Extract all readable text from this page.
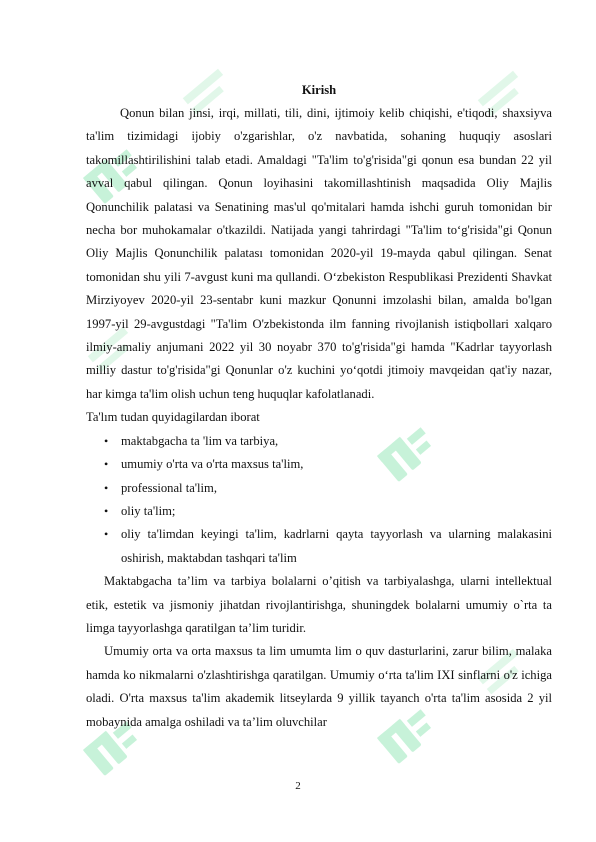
Kirish

Qonun bilan jinsi, irqi, millati, tili, dini, ijtimoiy kelib chiqishi, e'tiqodi, shaxsiyva ta'lim tizimidagi ijobiy o'zgarishlar, o'z navbatida, sohaning huquqiy asoslari takomillashtirilishini talab etadi. Amaldagi "Ta'lim to'g'risida"gi qonun esa bundan 22 yil avval qabul qilingan. Qonun loyihasini takomillashtinish maqsadida Oliy Majlis Qonunchilik palatasi va Senatining mas'ul qo'mitalari hamda ishchi guruh tomonidan bir necha bor muhokamalar o'tkazildi. Natijada yangi tahrirdagi "Ta'lim to‘g'risida"gi Qonun Oliy Majlis Qonunchilik palatası tomonidan 2020-yil 19-mayda qabul qilingan. Senat tomonidan shu yili 7-avgust kuni ma qullandi. O‘zbekiston Respublikasi Prezidenti Shavkat Mirziyoyev 2020-yil 23-sentabr kuni mazkur Qonunni imzolashi bilan, amalda bo'lgan 1997-yil 29-avgustdagi "Ta'lim O'zbekistonda ilm fanning rivojlanish istiqbollari xalqaro ilmiy-amaliy anjumani 2022 yil 30 noyabr 370 to'g'risida"gi hamda "Kadrlar tayyorlash milliy dastur to'g'risida"gi Qonunlar o'z kuchini yo‘qotdi jtimoiy mavqeidan qat'iy nazar, har kimga ta'lim olish uchun teng huquqlar kafolatlanadi.

Ta'lım tudan quyidagilardan iborat

• maktabgacha ta 'lim va tarbiya,
• umumiy o'rta va o'rta maxsus ta'lim,
• professional ta'lim,
• oliy ta'lim;
• oliy ta'limdan keyingi ta'lim, kadrlarni qayta tayyorlash va ularning malakasini oshirish, maktabdan tashqari ta'lim

Maktabgacha ta’lim va tarbiya bolalarni o’qitish va tarbiyalashga, ularni intellektual etik, estetik va jismoniy jihatdan rivojlantirishga, shuningdek bolalarni umumiy o`rta ta limga tayyorlashga qaratilgan ta’lim turidir.

Umumiy orta va orta maxsus ta lim umumta lim o quv dasturlarini, zarur bilim, malaka hamda ko nikmalarni o'zlashtirishga qaratilgan. Umumiy o‘rta ta'lim IXI sinflarni o'z ichiga oladi. O'rta maxsus ta'lim akademik litseylarda 9 yillik tayanch o'rta ta'lim asosida 2 yil mobaynida amalga oshiladi va ta’lim oluvchilar

2
